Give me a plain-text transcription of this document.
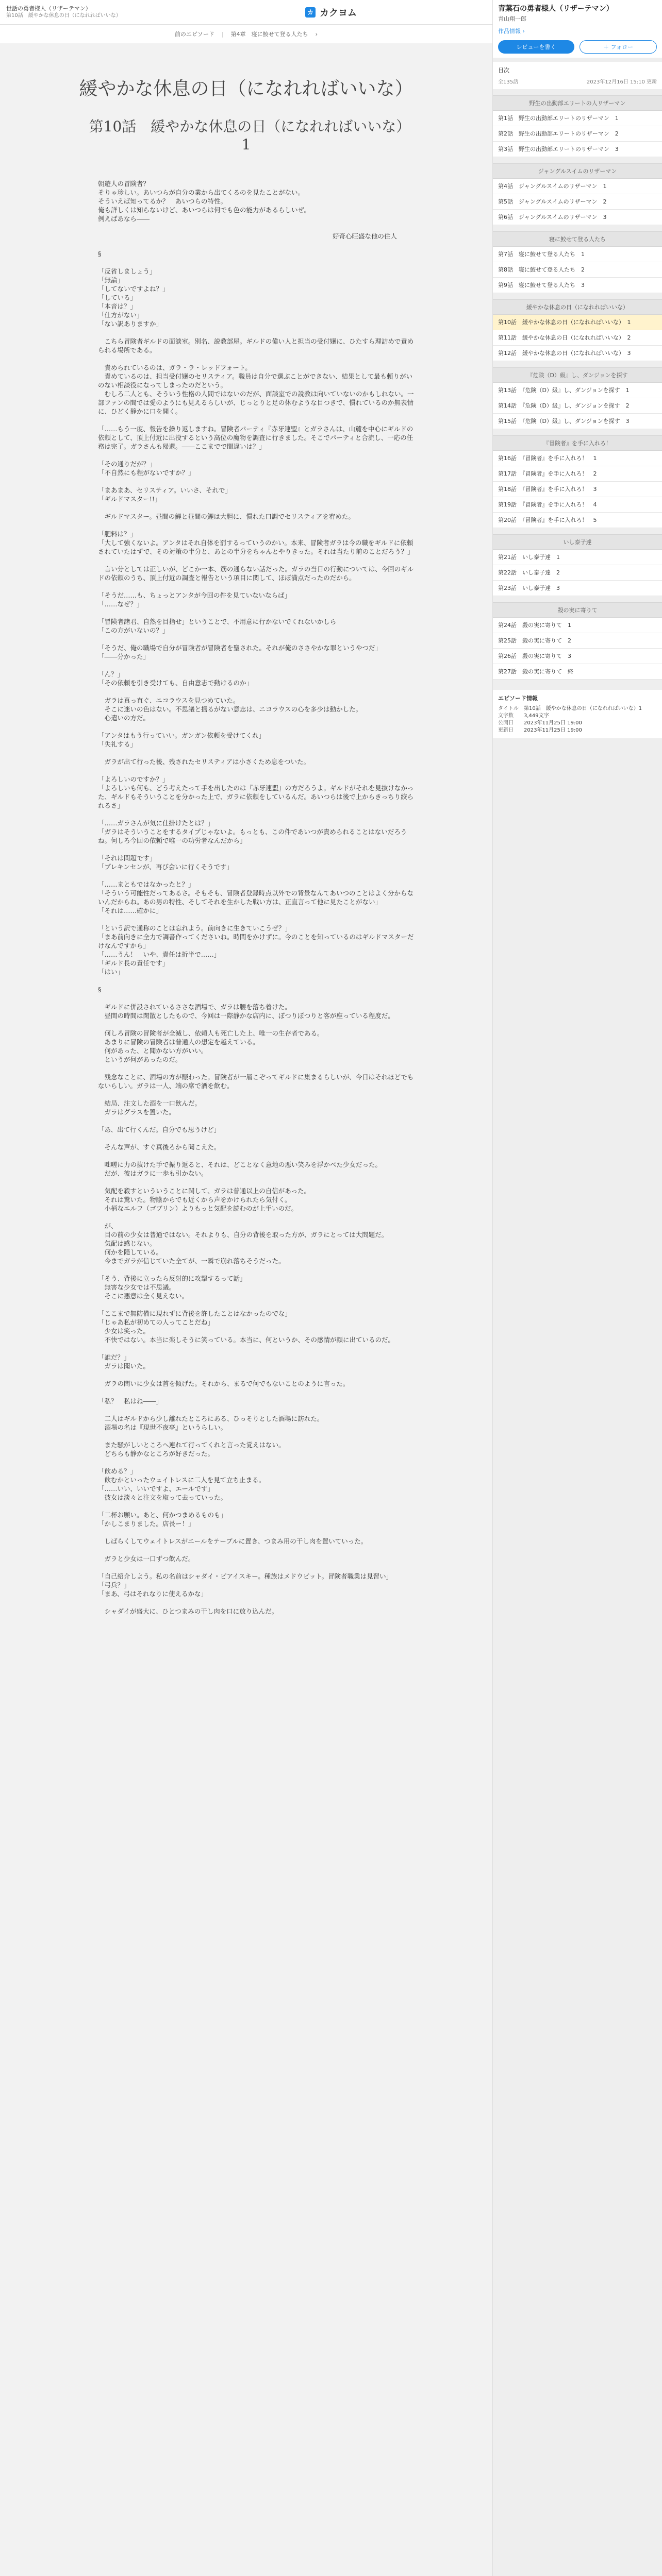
世話の勇者様人（リザーテマン）
第10話　緩やかな休息の日（になれればいいな）	カ カクヨム
前のエピソード | 第4章　寝に鮫せて登る人たち ›
緩やかな休息の日（になれればいいな）
第10話　緩やかな休息の日（になれればいいな）　1

朝遊人の冒険者？

そりゃ珍しい。あいつらが自分の業から出てくるのを見たことがない。

そういえば知ってるか？　あいつらの特性。

俺も詳しくは知らないけど、あいつらは何でも色の能力があるらしいぜ。

例えばあなら――

好奇心旺盛な他の住人

§

「反省しましょう」

「無論」

「してないですよね？」

「している」

「本音は？」

「仕方がない」

「ない訳ありますか」

　こちら冒険者ギルドの面談室。別名、説教部屋。ギルドの偉い人と担当の受付嬢に、ひたすら理詰めで責められる場所である。

　責められているのは、ガラ・ラ・レッドフォート。

　責めているのは、担当受付嬢のセリスティア。職員は自分で選ぶことができない、結果として最も頼りがいのない相談役になってしまったのだという。

　むしろ二人とも、そういう性格の人間ではないのだが、面談室での説教は向いていないのかもしれない。一部ファンの間では愛のようにも見えるらしいが、じっとりと足の休むような目つきで、慣れているのか無表情に、ひどく静かに口を開く。

「……もう一度、報告を繰り返しますね。冒険者パーティ『赤牙連盟』とガラさんは、山麓を中心にギルドの依頼として、頂上付近に出没するという高位の魔物を調査に行きました。そこでパーティと合流し、一応の任務は完了。ガラさんも帰還。――ここまでで間違いは？」

「その通りだが？」

「不自然にも程がないですか？」

「まあまあ、セリスティア。いいさ、それで」

「ギルドマスター!!」

　ギルドマスター。昼間の鯉と昼間の鯉は大胆に、慣れた口調でセリスティアを宥めた。

「肥料は？」

「大して強くないよ。アンタはそれ自体を罰するっていうのかい。本来、冒険者ガラは今の職をギルドに依頼されていたはずで、その対策の半分と、あとの半分をちゃんとやりきった。それは当たり前のことだろう？」

　言い分としては正しいが、どこか一本、筋の通らない話だった。ガラの当日の行動については、今回のギルドの依頼のうち、頂上付近の調査と報告という項目に関して、ほぼ満点だったのだから。

「そうだ……も、ちょっとアンタが今回の件を見ていないならば」

「……なぜ？」

「冒険者諸君、自然を目指せ」ということで、不用意に行かないでくれないかしら

「この方がいないの？」

「そうだ、俺の職場で自分が冒険者が冒険者を聖された。それが俺のささやかな罪というやつだ」

「――分かった」

「ん？」

「その依頼を引き受けても、自由意志で動けるのか」

　ガラは真っ直ぐ、ニコラウスを見つめていた。

　そこに迷いの色はない。不思議と揺るがない意志は、ニコラウスの心を多少は動かした。

　心遣いの方だ。

「アンタはもう行っていい。ガンガン依頼を受けてくれ」

「失礼する」

　ガラが出て行った後、残されたセリスティアは小さくため息をついた。

「よろしいのですか？」

「よろしいも何も、どう考えたって手を出したのは『赤牙連盟』の方だろうよ。ギルドがそれを見抜けなかった、ギルドもそういうことを分かった上で、ガラに依頼をしているんだ。あいつらは後で上からきっちり絞られるさ」

「……ガラさんが気に仕掛けたとは？」

「ガラはそういうことをするタイプじゃないよ。もっとも、この件であいつが責められることはないだろうね。何しろ今回の依頼で唯一の功労者なんだから」

「それは問題です」

「プレキンセンが、再び会いに行くそうです」

「……まともではなかったと？」

「そういう可能性だってあるさ。そもそも、冒険者登録時点以外での背景なんてあいつのことはよく分からないんだからね。あの男の特性、そしてそれを生かした戦い方は、正直言って他に見たことがない」

「それは……確かに」

「という訳で通称のことは忘れよう。前向きに生きていこうぜ？」

「まあ前向きに全力で調書作ってくださいね。時間をかけずに。今のことを知っているのはギルドマスターだけなんですから」

「……うん！　いや、責任は折半で……」

「ギルド長の責任です」

「はい」

§

　ギルドに併設されているささな酒場で、ガラは腰を落ち着けた。

　昼間の時間は閑散としたもので、今回は一際静かな店内に、ぽつりぽつりと客が座っている程度だ。

　何しろ冒険の冒険者が全滅し、依頼人も死亡した上、唯一の生存者である。

　あまりに冒険の冒険者は普通人の想定を越えている。

　何があった、と聞かない方がいい。

　というが何があったのだ。

　残念なことに、酒場の方が賑わった。冒険者が一層こぞってギルドに集まるらしいが、今日はそれほどでもないらしい。ガラは一人、端の席で酒を飲む。

　結局、注文した酒を一口飲んだ。

　ガラはグラスを置いた。

「あ、出て行くんだ。自分でも思うけど」

　そんな声が、すぐ真後ろから聞こえた。

　咄嗟に力の抜けた手で振り返ると、それは、どことなく意地の悪い笑みを浮かべた少女だった。

　だが、彼はガラに一歩も引かない。

　気配を殺すといういうことに関して、ガラは普通以上の自信があった。

　それは驚いた。物陰からでも近くから声をかけられたら気付く。

　小柄なエルフ（ゴブリン）よりもっと気配を読むのが上手いのだ。

　が、

　目の前の少女は普通ではない。それよりも、自分の背後を取った方が、ガラにとっては大問題だ。

　気配は感じない。

　何かを隠している。

　今までガラが信じていた全てが、一瞬で崩れ落ちそうだった。

「そう、背後に立ったら反射的に攻撃するって話」

　無害な少女では不思議。

　そこに悪意は全く見えない。

「ここまで無防備に現れずに背後を許したことはなかったのでな」

「じゃあ私が初めての人ってことだね」

　少女は笑った。

　不快ではない。本当に楽しそうに笑っている。本当に、何というか、その感情が顔に出ているのだ。

「誰だ？」

　ガラは聞いた。

　ガラの問いに少女は首を傾げた。それから、まるで何でもないことのように言った。

「私？　私はね――」

　二人はギルドから少し離れたところにある、ひっそりとした酒場に訪れた。

　酒場の名は『現世不夜亭』というらしい。

　また騒がしいところへ連れて行ってくれと言った覚えはない。

　どちらも静かなところが好きだった。

「飲める？」

　飲むかといったウェイトレスに二人を見て立ち止まる。

「……いい、いいですよ、エールです」

　彼女は淡々と注文を取って去っていった。

「二杯お願い。あと、何かつまめるものも」

「かしこまりました。店長ー！」

　しばらくしてウェイトレスがエールをテーブルに置き、つまみ用の干し肉を置いていった。

　ガラと少女は一口ずつ飲んだ。

「自己紹介しよう。私の名前はシャダイ・ピアイスキー。種族はメドウピット。冒険者職業は見習い」

「弓兵？」

「まあ、弓はそれなりに使えるかな」

　シャダイが盛大に、ひとつまみの干し肉を口に放り込んだ。

青葉石の勇者様人（リザーテマン）
青山翔一郎
作品情報 ›
レビューを書く	＋ フォロー
目次
全135話	2023年12月16日 15:10 更新
野生の出動部エリートの人リザーマン
第1話　野生の出動部エリートのリザーマン　1
第2話　野生の出動部エリートのリザーマン　2
第3話　野生の出動部エリートのリザーマン　3
ジャングルスイムのリザーマン
第4話　ジャングルスイムのリザーマン　1
第5話　ジャングルスイムのリザーマン　2
第6話　ジャングルスイムのリザーマン　3
寝に鮫せて登る人たち
第7話　寝に鮫せて登る人たち　1
第8話　寝に鮫せて登る人たち　2
第9話　寝に鮫せて登る人たち　3
緩やかな休息の日（になれればいいな）
第10話　緩やかな休息の日（になれればいいな）　1
第11話　緩やかな休息の日（になれればいいな）　2
第12話　緩やかな休息の日（になれればいいな）　3
『危険（D）級』し、ダンジョンを探す
第13話　『危険（D）級』し、ダンジョンを探す　1
第14話　『危険（D）級』し、ダンジョンを探す　2
第15話　『危険（D）級』し、ダンジョンを探す　3
『冒険者』を手に入れろ！
第16話　『冒険者』を手に入れろ！　1
第17話　『冒険者』を手に入れろ！　2
第18話　『冒険者』を手に入れろ！　3
第19話　『冒険者』を手に入れろ！　4
第20話　『冒険者』を手に入れろ！　5
いし泰子達
第21話　いし泰子達　1
第22話　いし泰子達　2
第23話　いし泰子達　3
殺の実に寄りて
第24話　殺の実に寄りて　1
第25話　殺の実に寄りて　2
第26話　殺の実に寄りて　3
第27話　殺の実に寄りて　終
エピソード情報
タイトル 第10話　緩やかな休息の日（になれればいいな）1
文字数	3,449文字
公開日	2023年11月25日 19:00
更新日	2023年11月25日 19:00
